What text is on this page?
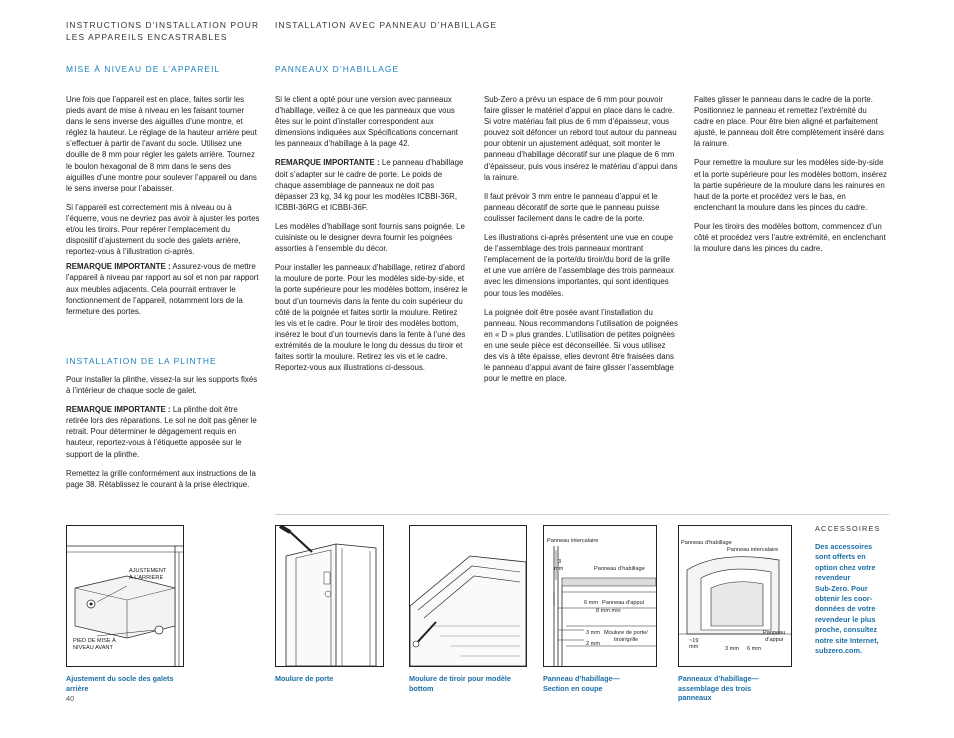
INSTRUCTIONS D’INSTALLATION POUR
LES APPAREILS ENCASTRABLES
INSTALLATION AVEC PANNEAU D’HABILLAGE
MISE À NIVEAU DE L’APPAREIL

Une fois que l’appareil est en place, faites sortir les pieds avant de mise à niveau en les faisant tourner dans le sens inverse des aiguilles d’une montre, et réglez la hauteur. Le réglage de la hauteur arrière peut s’effectuer à partir de l’avant du socle. Utilisez une douille de 8 mm pour régler les galets arrière. Tournez le boulon hexagonal de 8 mm dans le sens des aiguilles d’une montre pour soulever l’appareil ou dans le sens inverse pour l’abaisser.

Si l’appareil est correctement mis à niveau ou à l’équerre, vous ne devriez pas avoir à ajuster les portes et/ou les tiroirs. Pour repérer l’emplacement du dispositif d’ajustement du socle des galets arrière, reportez-vous à l’illustration ci-après.

REMARQUE IMPORTANTE : Assurez-vous de mettre l’appareil à niveau par rapport au sol et non par rapport aux meubles adjacents. Cela pourrait entraver le fonctionnement de l’appareil, notamment lors de la fermeture des portes.

INSTALLATION DE LA PLINTHE

Pour installer la plinthe, vissez-la sur les supports fixés à l’intérieur de chaque socle de galet.

REMARQUE IMPORTANTE : La plinthe doit être retirée lors des réparations. Le sol ne doit pas gêner le retrait. Pour déterminer le dégagement requis en hauteur, reportez-vous à l’étiquette apposée sur le support de la plinthe.

Remettez la grille conformément aux instructions de la page 38. Rétablissez le courant à la prise électrique.

PANNEAUX D’HABILLAGE

Si le client a opté pour une version avec panneaux d’habillage, veillez à ce que les panneaux que vous êtes sur le point d’installer correspondent aux dimensions indiquées aux Spécifications concernant les panneaux d’habillage à la page 42.

REMARQUE IMPORTANTE : Le panneau d’habillage doit s’adapter sur le cadre de porte. Le poids de chaque assemblage de panneaux ne doit pas dépasser 23 kg, 34 kg pour les modèles ICBBI-36R, ICBBI-36RG et ICBBI-36F.

Les modèles d’habillage sont fournis sans poignée. Le cuisiniste ou le designer devra fournir les poignées assorties à l’ensemble du décor.

Pour installer les panneaux d’habillage, retirez d’abord la moulure de porte. Pour les modèles side-by-side, et la porte supérieure pour les modèles bottom, insérez le bout d’un tournevis dans la fente du coin supérieur du côté de la poignée et faites sortir la moulure. Retirez les vis et le cadre. Pour le tiroir des modèles bottom, insérez le bout d’un tournevis dans la fente à l’une des extrémités de la moulure le long du dessus du tiroir et faites sortir la moulure. Retirez les vis et le cadre. Reportez-vous aux illustrations ci-dessous.

Sub-Zero a prévu un espace de 6 mm pour pouvoir faire glisser le matériel d’appui en place dans le cadre. Si votre matériau fait plus de 6 mm d’épaisseur, vous pouvez soit défoncer un rebord tout autour du panneau pour obtenir un ajustement adéquat, soit monter le panneau d’habillage décoratif sur une plaque de 6 mm d’épaisseur, puis vous insérez le matériau d’appui dans la rainure.

Il faut prévoir 3 mm entre le panneau d’appui et le panneau décoratif de sorte que le panneau puisse coulisser facilement dans le cadre de la porte.

Les illustrations ci-après présentent une vue en coupe de l’assemblage des trois panneaux montrant l’emplacement de la porte/du tiroir/du bord de la grille et une vue arrière de l’assemblage des trois panneaux avec les dimensions importantes, qui sont identiques pour tous les modèles.

La poignée doit être posée avant l’installation du panneau. Nous recommandons l’utilisation de poignées en « D » plus grandes. L’utilisation de petites poignées en une seule pièce est déconseillée. Si vous utilisez des vis à tête épaisse, elles devront être fraisées dans le panneau d’appui avant de faire glisser l’assemblage pour le mettre en place.

Faites glisser le panneau dans le cadre de la porte. Positionnez le panneau et remettez l’extrémité du cadre en place. Pour être bien aligné et parfaitement ajusté, le panneau doit être complètement inséré dans la rainure.

Pour remettre la moulure sur les modèles side-by-side et la porte supérieure pour les modèles bottom, insérez la partie supérieure de la moulure dans les rainures en haut de la porte et procédez vers le bas, en enclenchant la moulure dans les pinces du cadre.

Pour les tiroirs des modèles bottom, commencez d’un côté et procédez vers l’autre extrémité, en enclenchant la moulure dans les pinces du cadre.

AJUSTEMENT
À L’ARRIÈRE
PIED DE MISE À
NIVEAU AVANT
Ajustement du socle des galets
arrière
40
Moulure de porte	Moulure de tiroir pour modèle
bottom
Panneau intercalaire
3
mm	Panneau d’habillage
6 mm Panneau d’appui
8 mm min
3 mm Moulure de porte/
tiroir/grille
2 mm
Panneau d’habillage—
Section en coupe
Panneau d’habillage
Panneau intercalaire
~19
mm
Panneau
d’appui
3 mm 6 mm
Panneaux d’habillage—
assemblage des trois
panneaux
ACCESSOIRES
Des accessoires
sont offerts en
option chez votre
revendeur
Sub-Zero. Pour
obtenir les coor-
données de votre
revendeur le plus
proche, consultez
notre site Internet,
subzero.com.
